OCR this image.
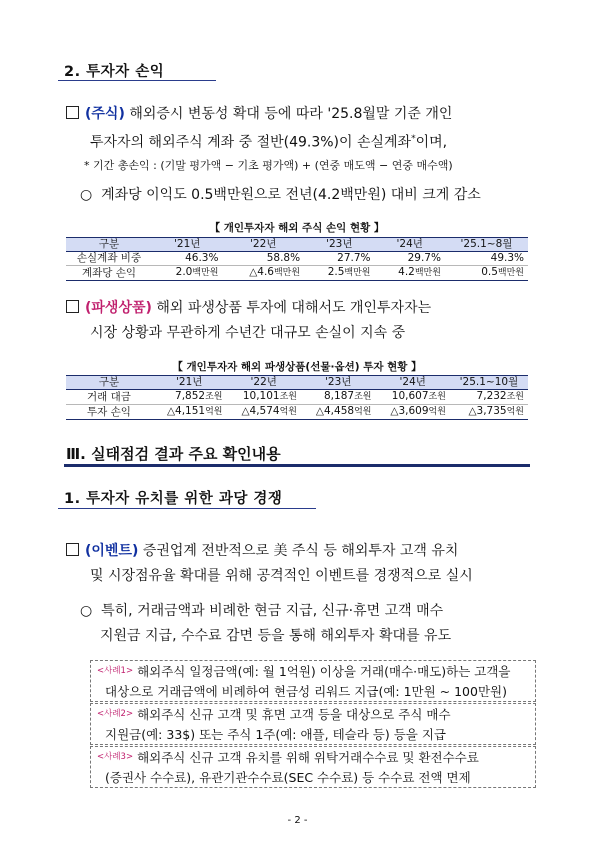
2. 투자자 손익
(주식) 해외증시 변동성 확대 등에 따라 '25.8월말 기준 개인
투자자의 해외주식 계좌 중 절반(49.3%)이 손실계좌*이며,
* 기간 총손익 : (기말 평가액 − 기초 평가액) + (연중 매도액 − 연중 매수액)
○ 계좌당 이익도 0.5백만원으로 전년(4.2백만원) 대비 크게 감소
【 개인투자자 해외 주식 손익 현황 】
구분	'21년	'22년	'23년	'24년	'25.1~8월
손실계좌 비중	46.3%	58.8%	27.7%	29.7%	49.3%
계좌당 손익	2.0백만원	△4.6백만원	2.5백만원	4.2백만원	0.5백만원
(파생상품) 해외 파생상품 투자에 대해서도 개인투자자는
시장 상황과 무관하게 수년간 대규모 손실이 지속 중
【 개인투자자 해외 파생상품(선물·옵션) 투자 현황 】
구분	'21년	'22년	'23년	'24년	'25.1~10월
거래 대금	7,852조원	10,101조원	8,187조원	10,607조원	7,232조원
투자 손익	△4,151억원	△4,574억원	△4,458억원	△3,609억원	△3,735억원
Ⅲ. 실태점검 결과 주요 확인내용
1. 투자자 유치를 위한 과당 경쟁
(이벤트) 증권업계 전반적으로 美 주식 등 해외투자 고객 유치
및 시장점유율 확대를 위해 공격적인 이벤트를 경쟁적으로 실시
○ 특히, 거래금액과 비례한 현금 지급, 신규·휴면 고객 매수
지원금 지급, 수수료 감면 등을 통해 해외투자 확대를 유도
$^{<사례1>}$ 해외주식 일정금액(예: 월 1억원) 이상을 거래(매수·매도)하는 고객을
대상으로 거래금액에 비례하여 현금성 리워드 지급(예: 1만원 ~ 100만원)
$^{<사례2>}$ 해외주식 신규 고객 및 휴면 고객 등을 대상으로 주식 매수
지원금(예: 33$) 또는 주식 1주(예: 애플, 테슬라 등) 등을 지급
$^{<사례3>}$ 해외주식 신규 고객 유치를 위해 위탁거래수수료 및 환전수수료
(증권사 수수료), 유관기관수수료(SEC 수수료) 등 수수료 전액 면제
- 2 -
